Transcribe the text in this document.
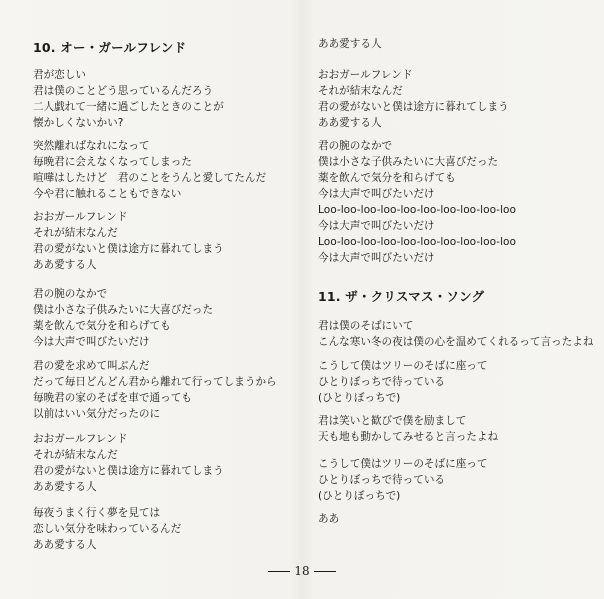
10. オー・ガールフレンド
君が恋しい
君は僕のことどう思っているんだろう
二人戯れて一緒に過ごしたときのことが
懐かしくないかい?
突然離ればなれになって
毎晩君に会えなくなってしまった
喧嘩はしたけど　君のことをうんと愛してたんだ
今や君に触れることもできない
おおガールフレンド
それが結末なんだ
君の愛がないと僕は途方に暮れてしまう
ああ愛する人
君の腕のなかで
僕は小さな子供みたいに大喜びだった
薬を飲んで気分を和らげても
今は大声で叫びたいだけ
君の愛を求めて叫ぶんだ
だって毎日どんどん君から離れて行ってしまうから
毎晩君の家のそばを車で通っても
以前はいい気分だったのに
おおガールフレンド
それが結末なんだ
君の愛がないと僕は途方に暮れてしまう
ああ愛する人
毎夜うまく行く夢を見ては
恋しい気分を味わっているんだ
ああ愛する人
ああ愛する人
おおガールフレンド
それが結末なんだ
君の愛がないと僕は途方に暮れてしまう
ああ愛する人
君の腕のなかで
僕は小さな子供みたいに大喜びだった
薬を飲んで気分を和らげても
今は大声で叫びたいだけ
Loo-loo-loo-loo-loo-loo-loo-loo-loo-loo
今は大声で叫びたいだけ
Loo-loo-loo-loo-loo-loo-loo-loo-loo-loo
今は大声で叫びたいだけ
11. ザ・クリスマス・ソング
君は僕のそばにいて
こんな寒い冬の夜は僕の心を温めてくれるって言ったよね
こうして僕はツリーのそばに座って
ひとりぼっちで待っている
(ひとりぼっちで)
君は笑いと歓びで僕を励まして
天も地も動かしてみせると言ったよね
こうして僕はツリーのそばに座って
ひとりぼっちで待っている
(ひとりぼっちで)
ああ
18
